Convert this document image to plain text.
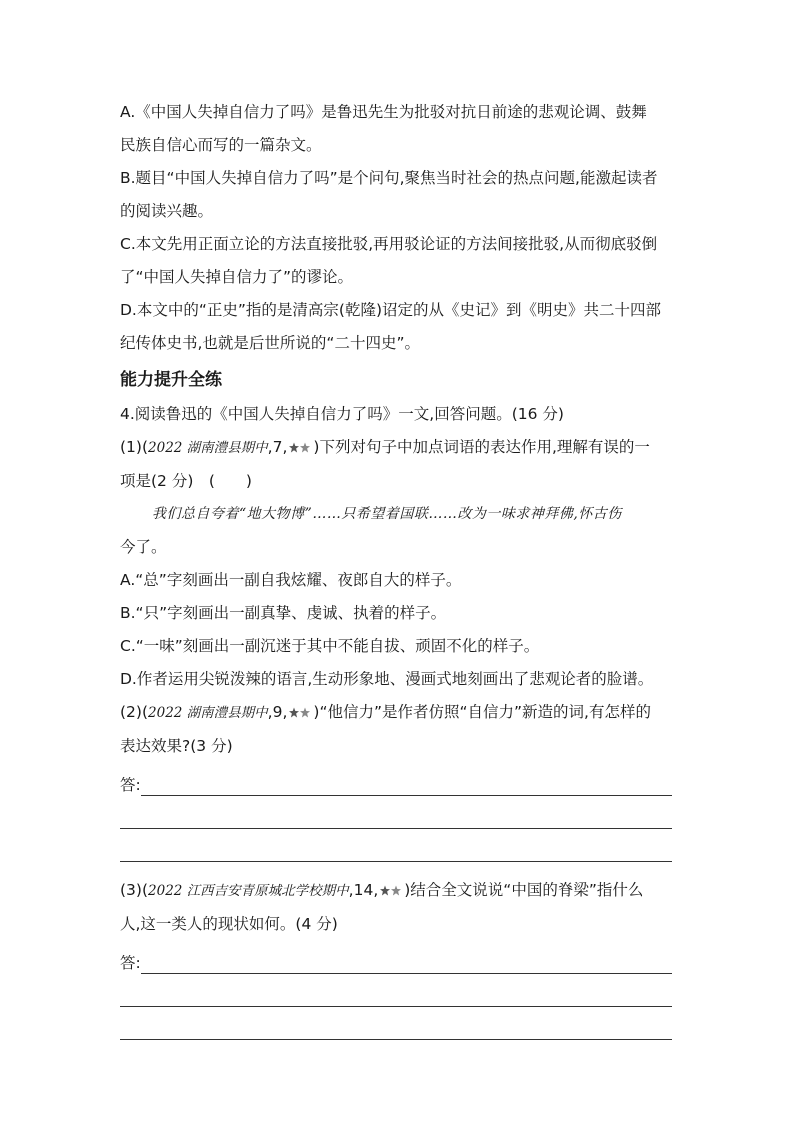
A.《中国人失掉自信力了吗》是鲁迅先生为批驳对抗日前途的悲观论调、鼓舞

民族自信心而写的一篇杂文。

B.题目“中国人失掉自信力了吗”是个问句,聚焦当时社会的热点问题,能激起读者

的阅读兴趣。

C.本文先用正面立论的方法直接批驳,再用驳论证的方法间接批驳,从而彻底驳倒

了“中国人失掉自信力了”的谬论。

D.本文中的“正史”指的是清高宗(乾隆)诏定的从《史记》到《明史》共二十四部

纪传体史书,也就是后世所说的“二十四史”。

能力提升全练

4.阅读鲁迅的《中国人失掉自信力了吗》一文,回答问题。(16 分)

(1)(2022 湖南澧县期中,7, )下列对句子中加点词语的表达作用,理解有误的一

项是(2 分)　(　　)

我们总自夸着“地大物博”……只希望着国联……改为一味求神拜佛,怀古伤

今了。

A.“总”字刻画出一副自我炫耀、夜郎自大的样子。

B.“只”字刻画出一副真挚、虔诚、执着的样子。

C.“一味”刻画出一副沉迷于其中不能自拔、顽固不化的样子。

D.作者运用尖锐泼辣的语言,生动形象地、漫画式地刻画出了悲观论者的脸谱。

(2)(2022 湖南澧县期中,9, )“他信力”是作者仿照“自信力”新造的词,有怎样的

表达效果?(3 分)

答:

(3)(2022 江西吉安青原城北学校期中,14, )结合全文说说“中国的脊梁”指什么

人,这一类人的现状如何。(4 分)

答:
